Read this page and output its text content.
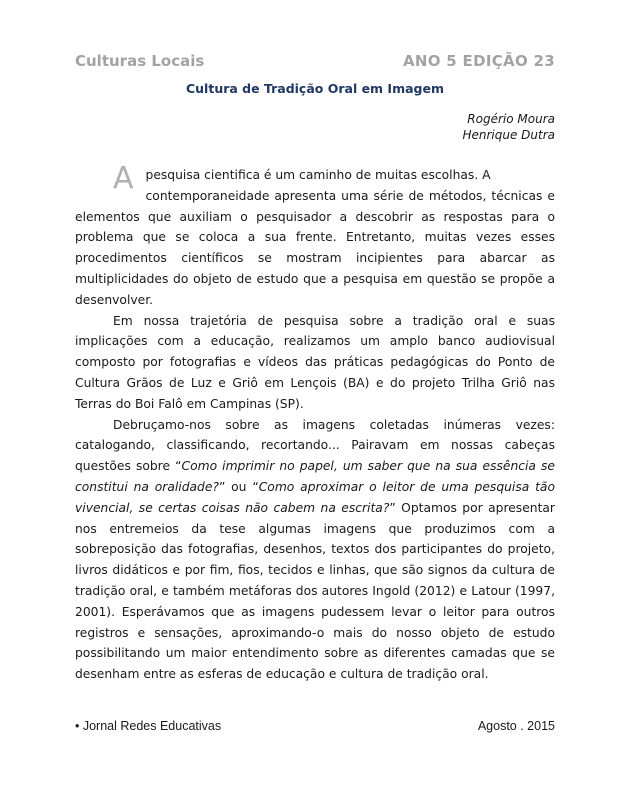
Culturas Locais	ANO 5 EDIÇÃO 23
Cultura de Tradição Oral em Imagem
Rogério Moura
Henrique Dutra

A pesquisa cientifica é um caminho de muitas escolhas. A
contemporaneidade apresenta uma série de métodos, técnicas e elementos que auxiliam o pesquisador a descobrir as respostas para o problema que se coloca a sua frente. Entretanto, muitas vezes esses procedimentos científicos se mostram incipientes para abarcar as multiplicidades do objeto de estudo que a pesquisa em questão se propõe a desenvolver.

Em nossa trajetória de pesquisa sobre a tradição oral e suas implicações com a educação, realizamos um amplo banco audiovisual composto por fotografias e vídeos das práticas pedagógicas do Ponto de Cultura Grãos de Luz e Griô em Lençois (BA) e do projeto Trilha Griô nas Terras do Boi Falô em Campinas (SP).

Debruçamo-nos sobre as imagens coletadas inúmeras vezes: catalogando, classificando, recortando... Pairavam em nossas cabeças questões sobre “Como imprimir no papel, um saber que na sua essência se constitui na oralidade?” ou “Como aproximar o leitor de uma pesquisa tão vivencial, se certas coisas não cabem na escrita?” Optamos por apresentar nos entremeios da tese algumas imagens que produzimos com a sobreposição das fotografias, desenhos, textos dos participantes do projeto, livros didáticos e por fim, fios, tecidos e linhas, que são signos da cultura de tradição oral, e também metáforas dos autores Ingold (2012) e Latour (1997, 2001). Esperávamos que as imagens pudessem levar o leitor para outros registros e sensações, aproximando-o mais do nosso objeto de estudo possibilitando um maior entendimento sobre as diferentes camadas que se desenham entre as esferas de educação e cultura de tradição oral.

• Jornal Redes Educativas	Agosto . 2015
